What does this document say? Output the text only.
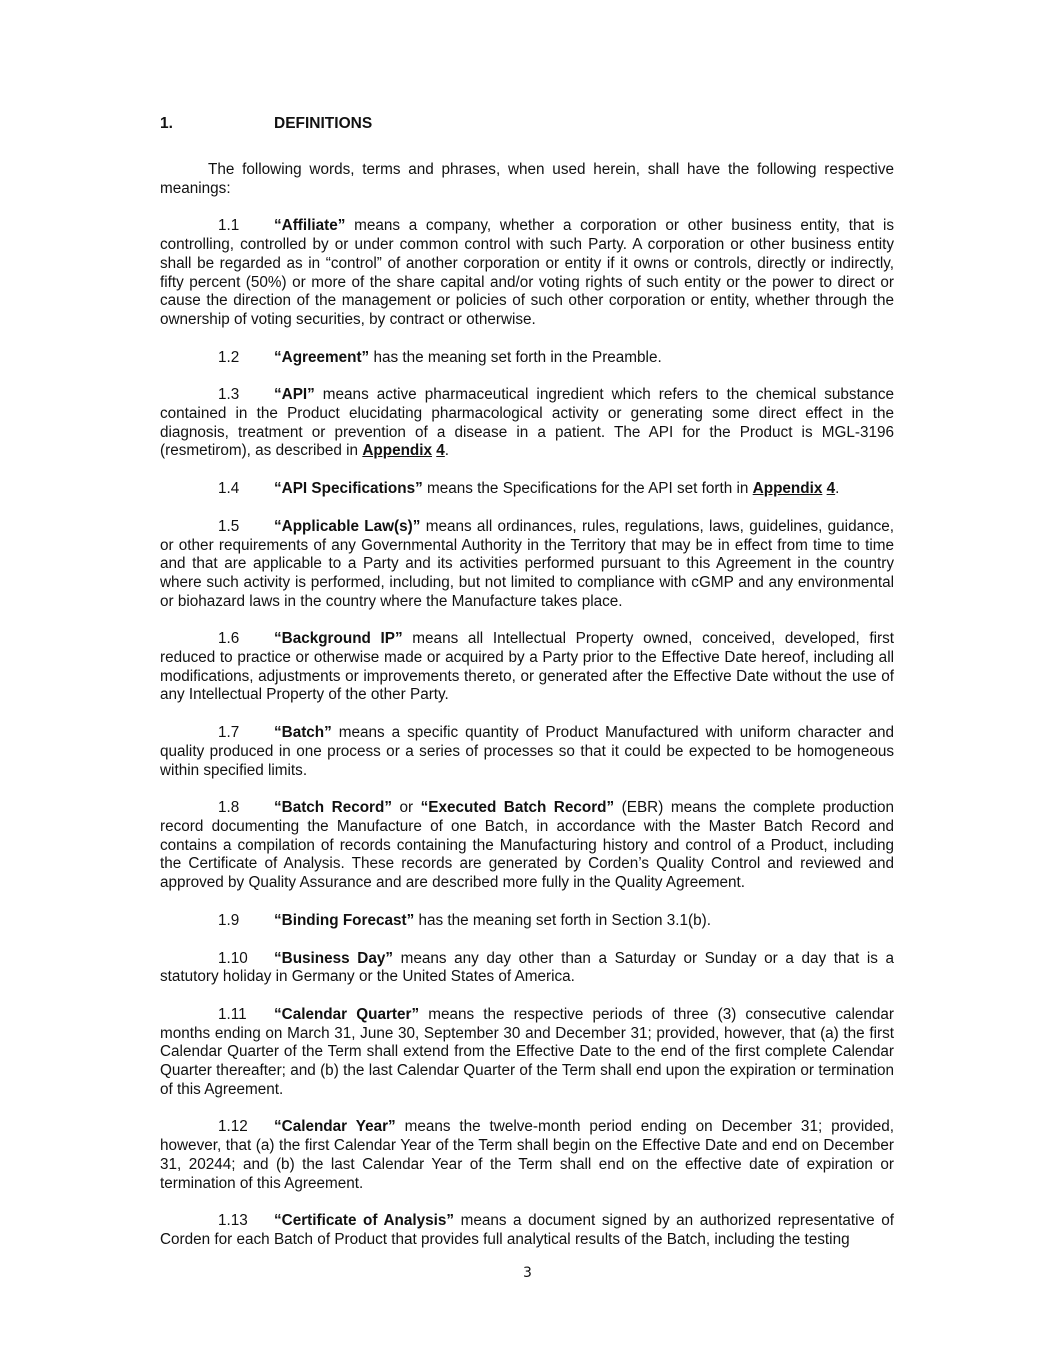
1.	DEFINITIONS

The following words, terms and phrases, when used herein, shall have the following respective meanings:

1.1 “Affiliate” means a company, whether a corporation or other business entity, that is controlling, controlled by or under common control with such Party. A corporation or other business entity shall be regarded as in “control” of another corporation or entity if it owns or controls, directly or indirectly, fifty percent (50%) or more of the share capital and/or voting rights of such entity or the power to direct or cause the direction of the management or policies of such other corporation or entity, whether through the ownership of voting securities, by contract or otherwise.

1.2 “Agreement” has the meaning set forth in the Preamble.

1.3 “API” means active pharmaceutical ingredient which refers to the chemical substance contained in the Product elucidating pharmacological activity or generating some direct effect in the diagnosis, treatment or prevention of a disease in a patient. The API for the Product is MGL-3196 (resmetirom), as described in Appendix 4.

1.4 “API Specifications” means the Specifications for the API set forth in Appendix 4.

1.5 “Applicable Law(s)” means all ordinances, rules, regulations, laws, guidelines, guidance, or other requirements of any Governmental Authority in the Territory that may be in effect from time to time and that are applicable to a Party and its activities performed pursuant to this Agreement in the country where such activity is performed, including, but not limited to compliance with cGMP and any environmental or biohazard laws in the country where the Manufacture takes place.

1.6 “Background IP” means all Intellectual Property owned, conceived, developed, first reduced to practice or otherwise made or acquired by a Party prior to the Effective Date hereof, including all modifications, adjustments or improvements thereto, or generated after the Effective Date without the use of any Intellectual Property of the other Party.

1.7 “Batch” means a specific quantity of Product Manufactured with uniform character and quality produced in one process or a series of processes so that it could be expected to be homogeneous within specified limits.

1.8 “Batch Record” or “Executed Batch Record” (EBR) means the complete production record documenting the Manufacture of one Batch, in accordance with the Master Batch Record and contains a compilation of records containing the Manufacturing history and control of a Product, including the Certificate of Analysis. These records are generated by Corden’s Quality Control and reviewed and approved by Quality Assurance and are described more fully in the Quality Agreement.

1.9 “Binding Forecast” has the meaning set forth in Section 3.1(b).

1.10 “Business Day” means any day other than a Saturday or Sunday or a day that is a statutory holiday in Germany or the United States of America.

1.11 “Calendar Quarter” means the respective periods of three (3) consecutive calendar months ending on March 31, June 30, September 30 and December 31; provided, however, that (a) the first Calendar Quarter of the Term shall extend from the Effective Date to the end of the first complete Calendar Quarter thereafter; and (b) the last Calendar Quarter of the Term shall end upon the expiration or termination of this Agreement.

1.12 “Calendar Year” means the twelve-month period ending on December 31; provided, however, that (a) the first Calendar Year of the Term shall begin on the Effective Date and end on December 31, 20244; and (b) the last Calendar Year of the Term shall end on the effective date of expiration or termination of this Agreement.

1.13 “Certificate of Analysis” means a document signed by an authorized representative of Corden for each Batch of Product that provides full analytical results of the Batch, including the testing

3
